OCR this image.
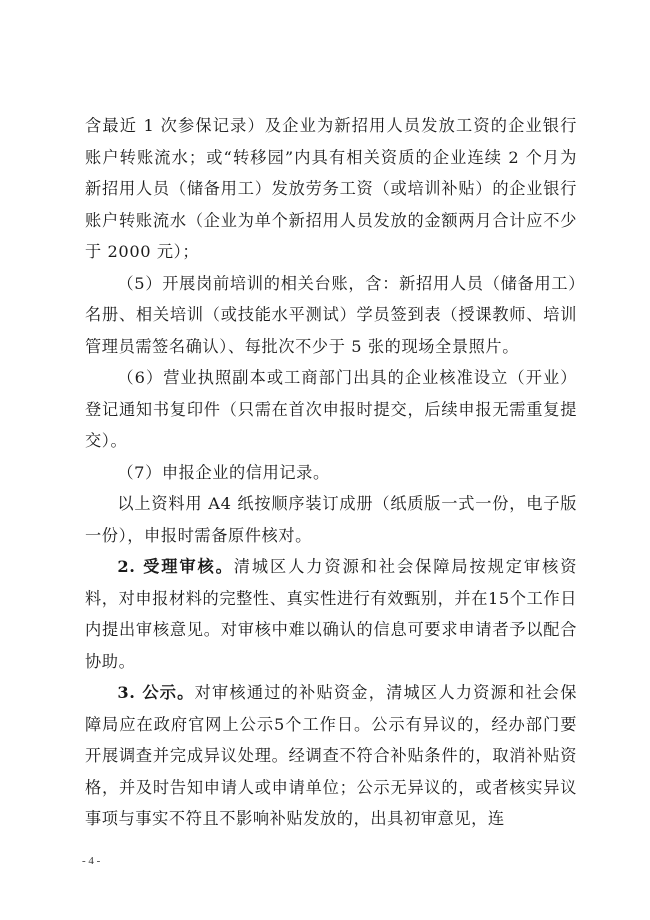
含最近 1 次参保记录）及企业为新招用人员发放工资的企业银行账户转账流水；或“转移园”内具有相关资质的企业连续 2 个月为新招用人员（储备用工）发放劳务工资（或培训补贴）的企业银行账户转账流水（企业为单个新招用人员发放的金额两月合计应不少于 2000 元）；

（5）开展岗前培训的相关台账，含：新招用人员（储备用工）名册、相关培训（或技能水平测试）学员签到表（授课教师、培训管理员需签名确认）、每批次不少于 5 张的现场全景照片。

（6）营业执照副本或工商部门出具的企业核准设立（开业）登记通知书复印件（只需在首次申报时提交，后续申报无需重复提交）。

（7）申报企业的信用记录。

以上资料用 A4 纸按顺序装订成册（纸质版一式一份，电子版一份），申报时需备原件核对。

2. 受理审核。清城区人力资源和社会保障局按规定审核资料，对申报材料的完整性、真实性进行有效甄别，并在15个工作日内提出审核意见。对审核中难以确认的信息可要求申请者予以配合协助。

3. 公示。对审核通过的补贴资金，清城区人力资源和社会保障局应在政府官网上公示5个工作日。公示有异议的，经办部门要开展调查并完成异议处理。经调查不符合补贴条件的，取消补贴资格，并及时告知申请人或申请单位；公示无异议的，或者核实异议事项与事实不符且不影响补贴发放的，出具初审意见，连

- 4 -
